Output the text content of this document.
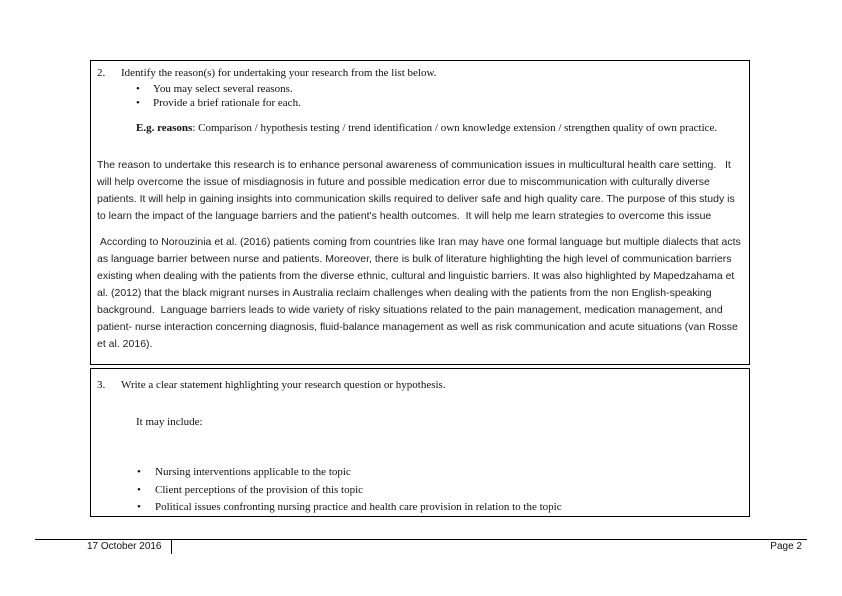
2.	Identify the reason(s) for undertaking your research from the list below.
•	You may select several reasons.
•	Provide a brief rationale for each.

E.g. reasons: Comparison / hypothesis testing / trend identification / own knowledge extension / strengthen quality of own practice.

The reason to undertake this research is to enhance personal awareness of communication issues in multicultural health care setting.   It will help overcome the issue of misdiagnosis in future and possible medication error due to miscommunication with culturally diverse patients. It will help in gaining insights into communication skills required to deliver safe and high quality care. The purpose of this study is to learn the impact of the language barriers and the patient's health outcomes.  It will help me learn strategies to overcome this issue

According to Norouzinia et al. (2016) patients coming from countries like Iran may have one formal language but multiple dialects that acts as language barrier between nurse and patients. Moreover, there is bulk of literature highlighting the high level of communication barriers existing when dealing with the patients from the diverse ethnic, cultural and linguistic barriers. It was also highlighted by Mapedzahama et al. (2012) that the black migrant nurses in Australia reclaim challenges when dealing with the patients from the non English-speaking background.  Language barriers leads to wide variety of risky situations related to the pain management, medication management, and patient- nurse interaction concerning diagnosis, fluid-balance management as well as risk communication and acute situations (van Rosse et al. 2016).

3.	Write a clear statement highlighting your research question or hypothesis.

It may include:

•	Nursing interventions applicable to the topic
•	Client perceptions of the provision of this topic
•	Political issues confronting nursing practice and health care provision in relation to the topic
17 October 2016	Page 2
